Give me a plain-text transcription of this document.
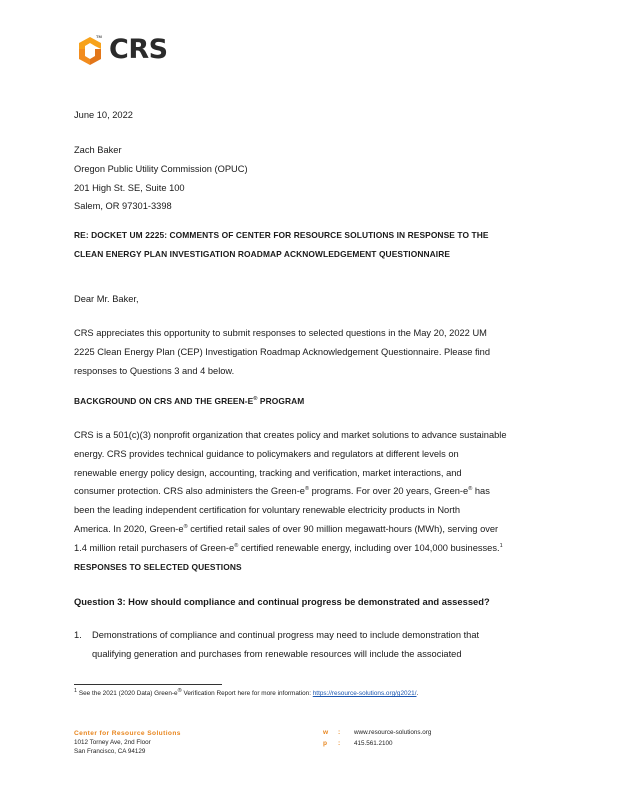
TM CRS
June 10, 2022
Zach Baker
Oregon Public Utility Commission (OPUC)
201 High St. SE, Suite 100
Salem, OR 97301-3398
RE: DOCKET UM 2225: COMMENTS OF CENTER FOR RESOURCE SOLUTIONS IN RESPONSE TO THE
CLEAN ENERGY PLAN INVESTIGATION ROADMAP ACKNOWLEDGEMENT QUESTIONNAIRE
Dear Mr. Baker,
CRS appreciates this opportunity to submit responses to selected questions in the May 20, 2022 UM
2225 Clean Energy Plan (CEP) Investigation Roadmap Acknowledgement Questionnaire. Please find
responses to Questions 3 and 4 below.
BACKGROUND ON CRS AND THE GREEN-E® PROGRAM
CRS is a 501(c)(3) nonprofit organization that creates policy and market solutions to advance sustainable
energy. CRS provides technical guidance to policymakers and regulators at different levels on
renewable energy policy design, accounting, tracking and verification, market interactions, and
consumer protection. CRS also administers the Green-e® programs. For over 20 years, Green-e® has
been the leading independent certification for voluntary renewable electricity products in North
America. In 2020, Green-e® certified retail sales of over 90 million megawatt-hours (MWh), serving over
1.4 million retail purchasers of Green-e® certified renewable energy, including over 104,000 businesses.$^1$
RESPONSES TO SELECTED QUESTIONS
Question 3: How should compliance and continual progress be demonstrated and assessed?
1. Demonstrations of compliance and continual progress may need to include demonstration that
qualifying generation and purchases from renewable resources will include the associated
$^1$ See the 2021 (2020 Data) Green-e® Verification Report here for more information: https://resource-solutions.org/g2021/.
Center for Resource Solutions
1012 Torney Ave, 2nd Floor
San Francisco, CA 94129
w : www.resource-solutions.org
p : 415.561.2100
